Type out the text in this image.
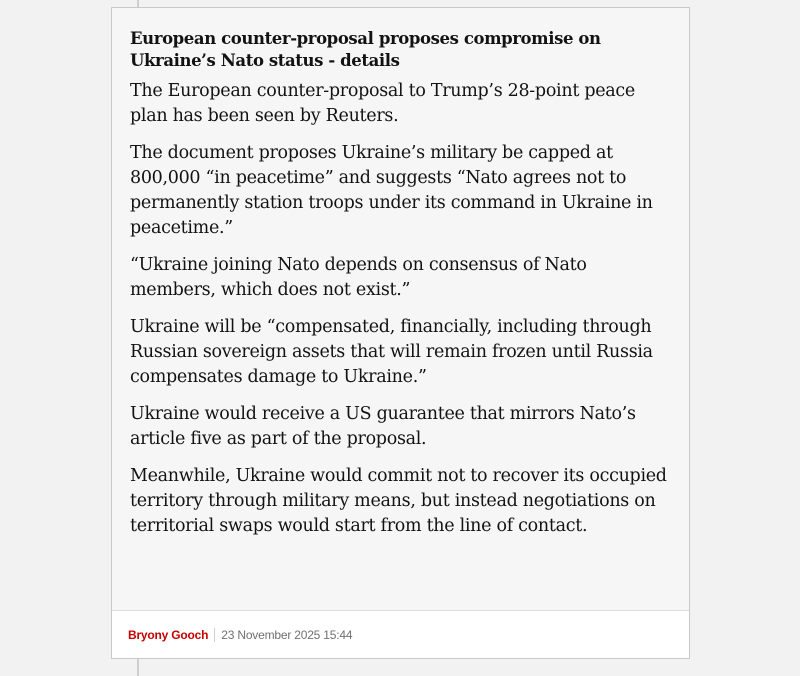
European counter-proposal proposes compromise on Ukraine’s Nato status - details

The European counter-proposal to Trump’s 28-point peace plan has been seen by Reuters.

The document proposes Ukraine’s military be capped at 800,000 “in peacetime” and suggests “Nato agrees not to permanently station troops under its command in Ukraine in peacetime.”

“Ukraine joining Nato depends on consensus of Nato members, which does not exist.”

Ukraine will be “compensated, financially, including through Russian sovereign assets that will remain frozen until Russia compensates damage to Ukraine.”

Ukraine would receive a US guarantee that mirrors Nato’s article five as part of the proposal.

Meanwhile, Ukraine would commit not to recover its occupied territory through military means, but instead negotiations on territorial swaps would start from the line of contact.

Bryony Gooch 23 November 2025 15:44
